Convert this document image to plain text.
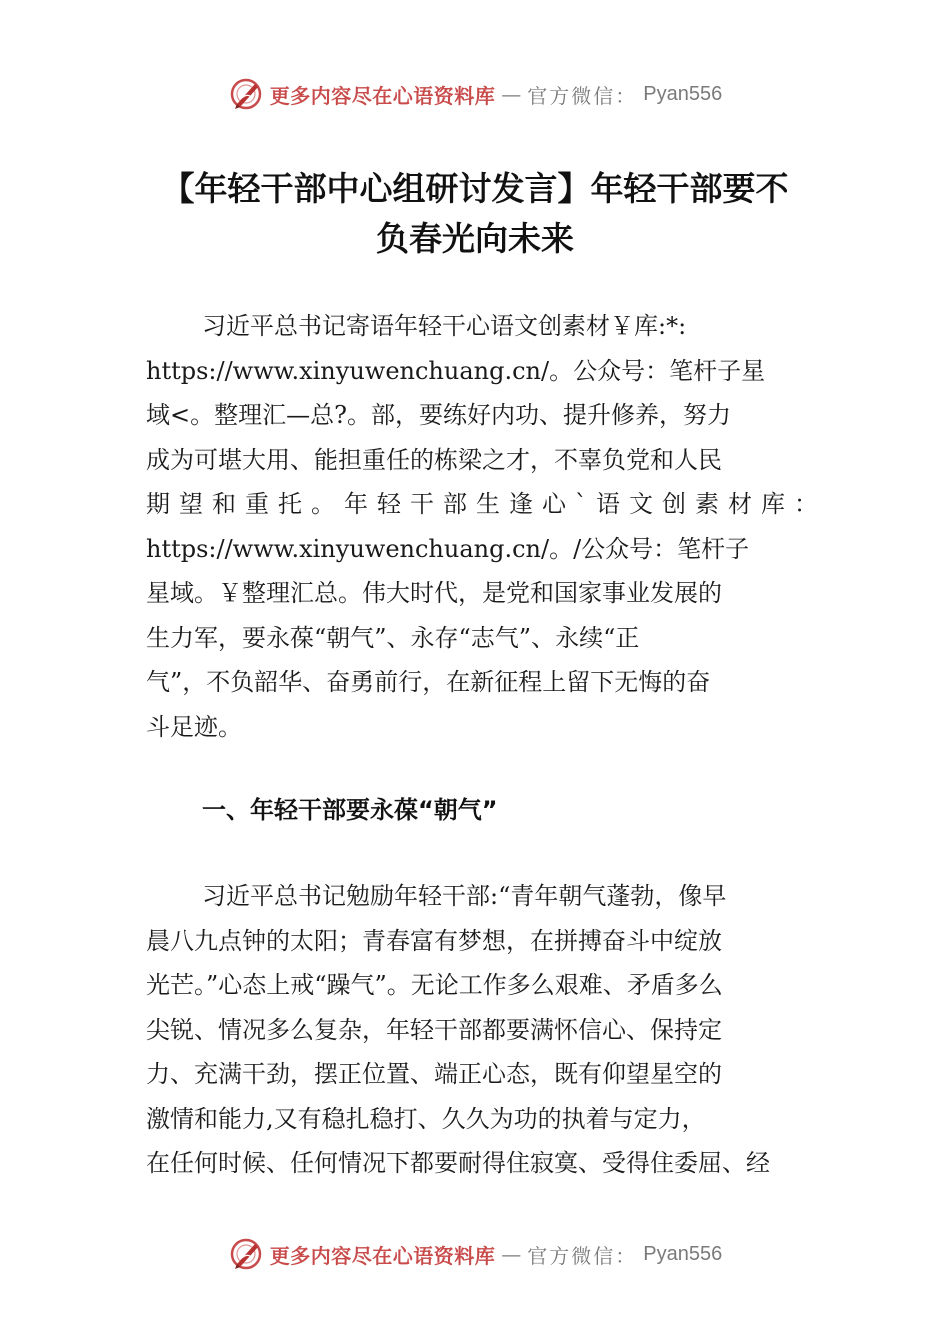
更多内容尽在心语资料库 — 官方微信： Pyan556
【年轻干部中心组研讨发言】年轻干部要不
负春光向未来
习近平总书记寄语年轻干心语文创素材￥库:*:
https://www.xinyuwenchuang.cn/。公众号：笔杆子星
域<。整理汇—总?。部，要练好内功、提升修养，努力
成为可堪大用、能担重任的栋梁之才，不辜负党和人民
期望和重托。年轻干部生逢心`语文创素材库：
https://www.xinyuwenchuang.cn/。/公众号：笔杆子
星域。￥整理汇总。伟大时代，是党和国家事业发展的
生力军，要永葆“朝气”、永存“志气”、永续“正
气”，不负韶华、奋勇前行，在新征程上留下无悔的奋
斗足迹。
一、年轻干部要永葆“朝气”
习近平总书记勉励年轻干部:“青年朝气蓬勃，像早
晨八九点钟的太阳；青春富有梦想，在拼搏奋斗中绽放
光芒。”心态上戒“躁气”。无论工作多么艰难、矛盾多么
尖锐、情况多么复杂，年轻干部都要满怀信心、保持定
力、充满干劲，摆正位置、端正心态，既有仰望星空的
激情和能力,又有稳扎稳打、久久为功的执着与定力，
在任何时候、任何情况下都要耐得住寂寞、受得住委屈、经
更多内容尽在心语资料库 — 官方微信： Pyan556
